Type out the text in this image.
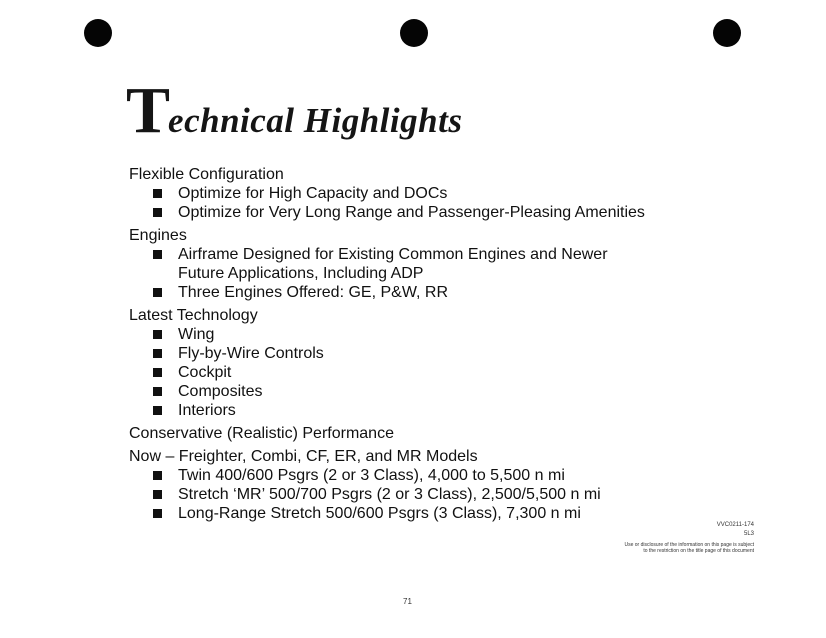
Technical Highlights
Flexible Configuration
Optimize for High Capacity and DOCs
Optimize for Very Long Range and Passenger-Pleasing Amenities
Engines
Airframe Designed for Existing Common Engines and Newer
Future Applications, Including ADP
Three Engines Offered: GE, P&W, RR
Latest Technology
Wing
Fly-by-Wire Controls
Cockpit
Composites
Interiors
Conservative (Realistic) Performance
Now – Freighter, Combi, CF, ER, and MR Models
Twin 400/600 Psgrs (2 or 3 Class), 4,000 to 5,500 n mi
Stretch ‘MR’ 500/700 Psgrs (2 or 3 Class), 2,500/5,500 n mi
Long-Range Stretch 500/600 Psgrs (3 Class), 7,300 n mi
VVC0211-174
5L3
Use or disclosure of the information on this page is subject
to the restriction on the title page of this document
71
